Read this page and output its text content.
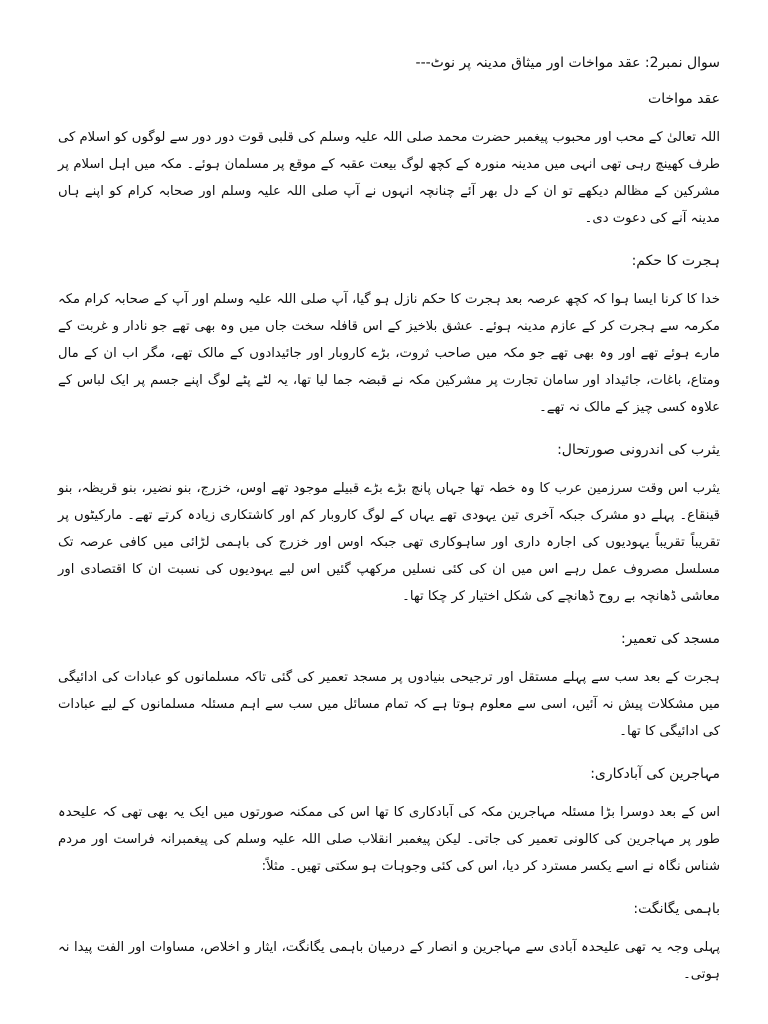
سوال نمبر2: عقد مواخات اور میثاق مدینہ پر نوٹ---
عقد مواخات
اللہ تعالیٰ کے محب اور محبوب پیغمبر حضرت محمد صلی اللہ علیہ وسلم کی قلبی قوت دور دور سے لوگوں کو اسلام کی طرف کھینچ رہی تھی انہی میں مدینہ منورہ کے کچھ لوگ بیعت عقبہ کے موقع پر مسلمان ہوئے۔ مکہ میں اہل اسلام پر مشرکین کے مظالم دیکھے تو ان کے دل بھر آئے چنانچہ انہوں نے آپ صلی اللہ علیہ وسلم اور صحابہ کرام کو اپنے ہاں مدینہ آنے کی دعوت دی۔
ہجرت کا حکم:
خدا کا کرنا ایسا ہوا کہ کچھ عرصہ بعد ہجرت کا حکم نازل ہو گیا، آپ صلی اللہ علیہ وسلم اور آپ کے صحابہ کرام مکہ مکرمہ سے ہجرت کر کے عازم مدینہ ہوئے۔ عشق بلاخیز کے اس قافلہ سخت جاں میں وہ بھی تھے جو نادار و غربت کے مارے ہوئے تھے اور وہ بھی تھے جو مکہ میں صاحب ثروت، بڑے کاروبار اور جائیدادوں کے مالک تھے، مگر اب ان کے مال ومتاع، باغات، جائیداد اور سامان تجارت پر مشرکین مکہ نے قبضہ جما لیا تھا، یہ لٹے پٹے لوگ اپنے جسم پر ایک لباس کے علاوہ کسی چیز کے مالک نہ تھے۔
یثرب کی اندرونی صورتحال:
یثرب اس وقت سرزمین عرب کا وہ خطہ تھا جہاں پانچ بڑے بڑے قبیلے موجود تھے اوس، خزرج، بنو نضیر، بنو قریظہ، بنو قینقاع۔ پہلے دو مشرک جبکہ آخری تین یہودی تھے یہاں کے لوگ کاروبار کم اور کاشتکاری زیادہ کرتے تھے۔ مارکیٹوں پر تقریباً تقریباً یہودیوں کی اجارہ داری اور ساہوکاری تھی جبکہ اوس اور خزرج کی باہمی لڑائی میں کافی عرصہ تک مسلسل مصروف عمل رہے اس میں ان کی کئی نسلیں مرکھپ گئیں اس لیے یہودیوں کی نسبت ان کا اقتصادی اور معاشی ڈھانچہ بے روح ڈھانچے کی شکل اختیار کر چکا تھا۔
مسجد کی تعمیر:
ہجرت کے بعد سب سے پہلے مستقل اور ترجیحی بنیادوں پر مسجد تعمیر کی گئی تاکہ مسلمانوں کو عبادات کی ادائیگی میں مشکلات پیش نہ آئیں، اسی سے معلوم ہوتا ہے کہ تمام مسائل میں سب سے اہم مسئلہ مسلمانوں کے لیے عبادات کی ادائیگی کا تھا۔
مہاجرین کی آبادکاری:
اس کے بعد دوسرا بڑا مسئلہ مہاجرین مکہ کی آبادکاری کا تھا اس کی ممکنہ صورتوں میں ایک یہ بھی تھی کہ علیحدہ طور پر مہاجرین کی کالونی تعمیر کی جاتی۔ لیکن پیغمبر انقلاب صلی اللہ علیہ وسلم کی پیغمبرانہ فراست اور مردم شناس نگاہ نے اسے یکسر مسترد کر دیا، اس کی کئی وجوہات ہو سکتی تھیں۔ مثلاً:
باہمی یگانگت:
پہلی وجہ یہ تھی علیحدہ آبادی سے مہاجرین و انصار کے درمیان باہمی یگانگت، ایثار و اخلاص، مساوات اور الفت پیدا نہ ہوتی۔
